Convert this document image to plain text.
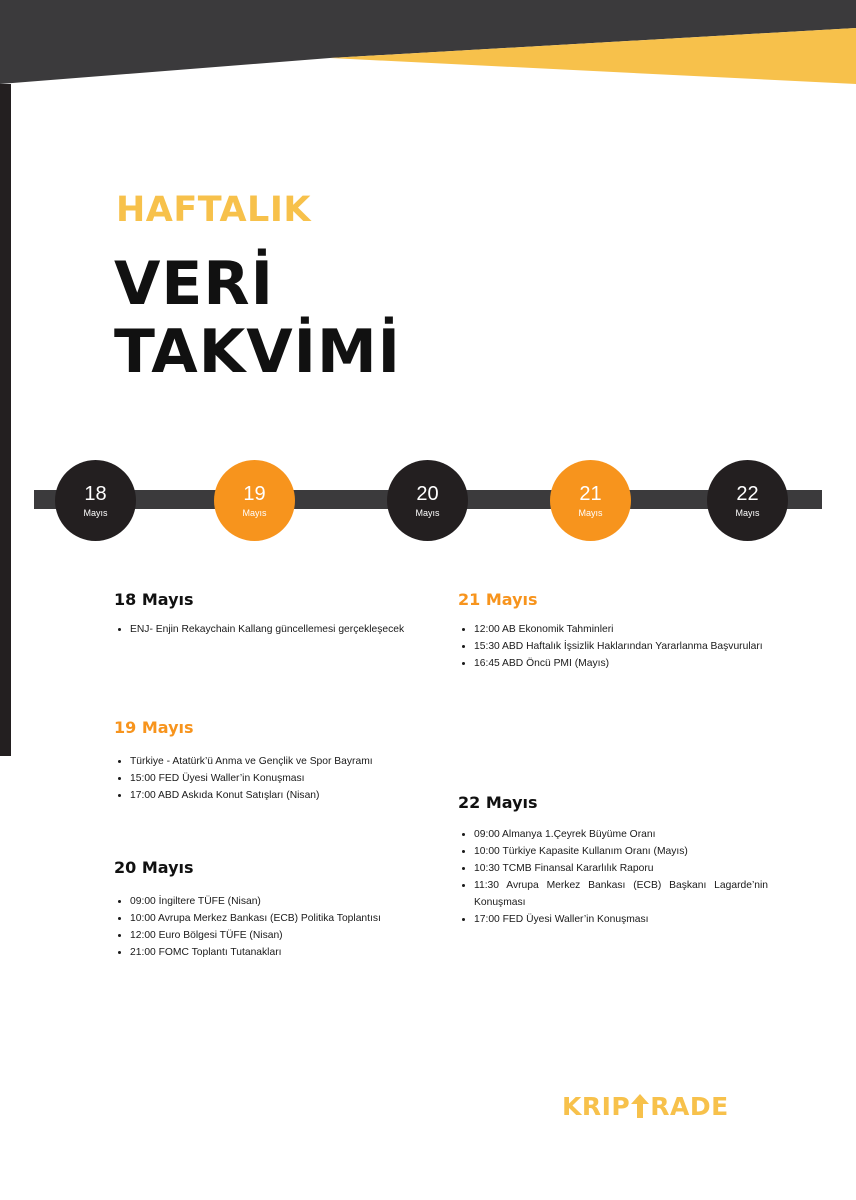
HAFTALIK
VERİ
TAKVİMİ
18
Mayıs
19
Mayıs
20
Mayıs
21
Mayıs
22
Mayıs
18 Mayıs
ENJ- Enjin Rekaychain Kallang güncellemesi gerçekleşecek
21 Mayıs
12:00 AB Ekonomik Tahminleri
15:30 ABD Haftalık İşsizlik Haklarından Yararlanma Başvuruları
16:45 ABD Öncü PMI (Mayıs)
19 Mayıs
Türkiye - Atatürk’ü Anma ve Gençlik ve Spor Bayramı
15:00 FED Üyesi Waller’in Konuşması
17:00 ABD Askıda Konut Satışları (Nisan)	22 Mayıs
09:00 Almanya 1.Çeyrek Büyüme Oranı
10:00 Türkiye Kapasite Kullanım Oranı (Mayıs)
10:30 TCMB Finansal Kararlılık Raporu
11:30 Avrupa Merkez Bankası (ECB) Başkanı Lagarde’nin Konuşması
17:00 FED Üyesi Waller’in Konuşması
20 Mayıs
09:00 İngiltere TÜFE (Nisan)
10:00 Avrupa Merkez Bankası (ECB) Politika Toplantısı
12:00 Euro Bölgesi TÜFE (Nisan)
21:00 FOMC Toplantı Tutanakları
KRIP RADE
